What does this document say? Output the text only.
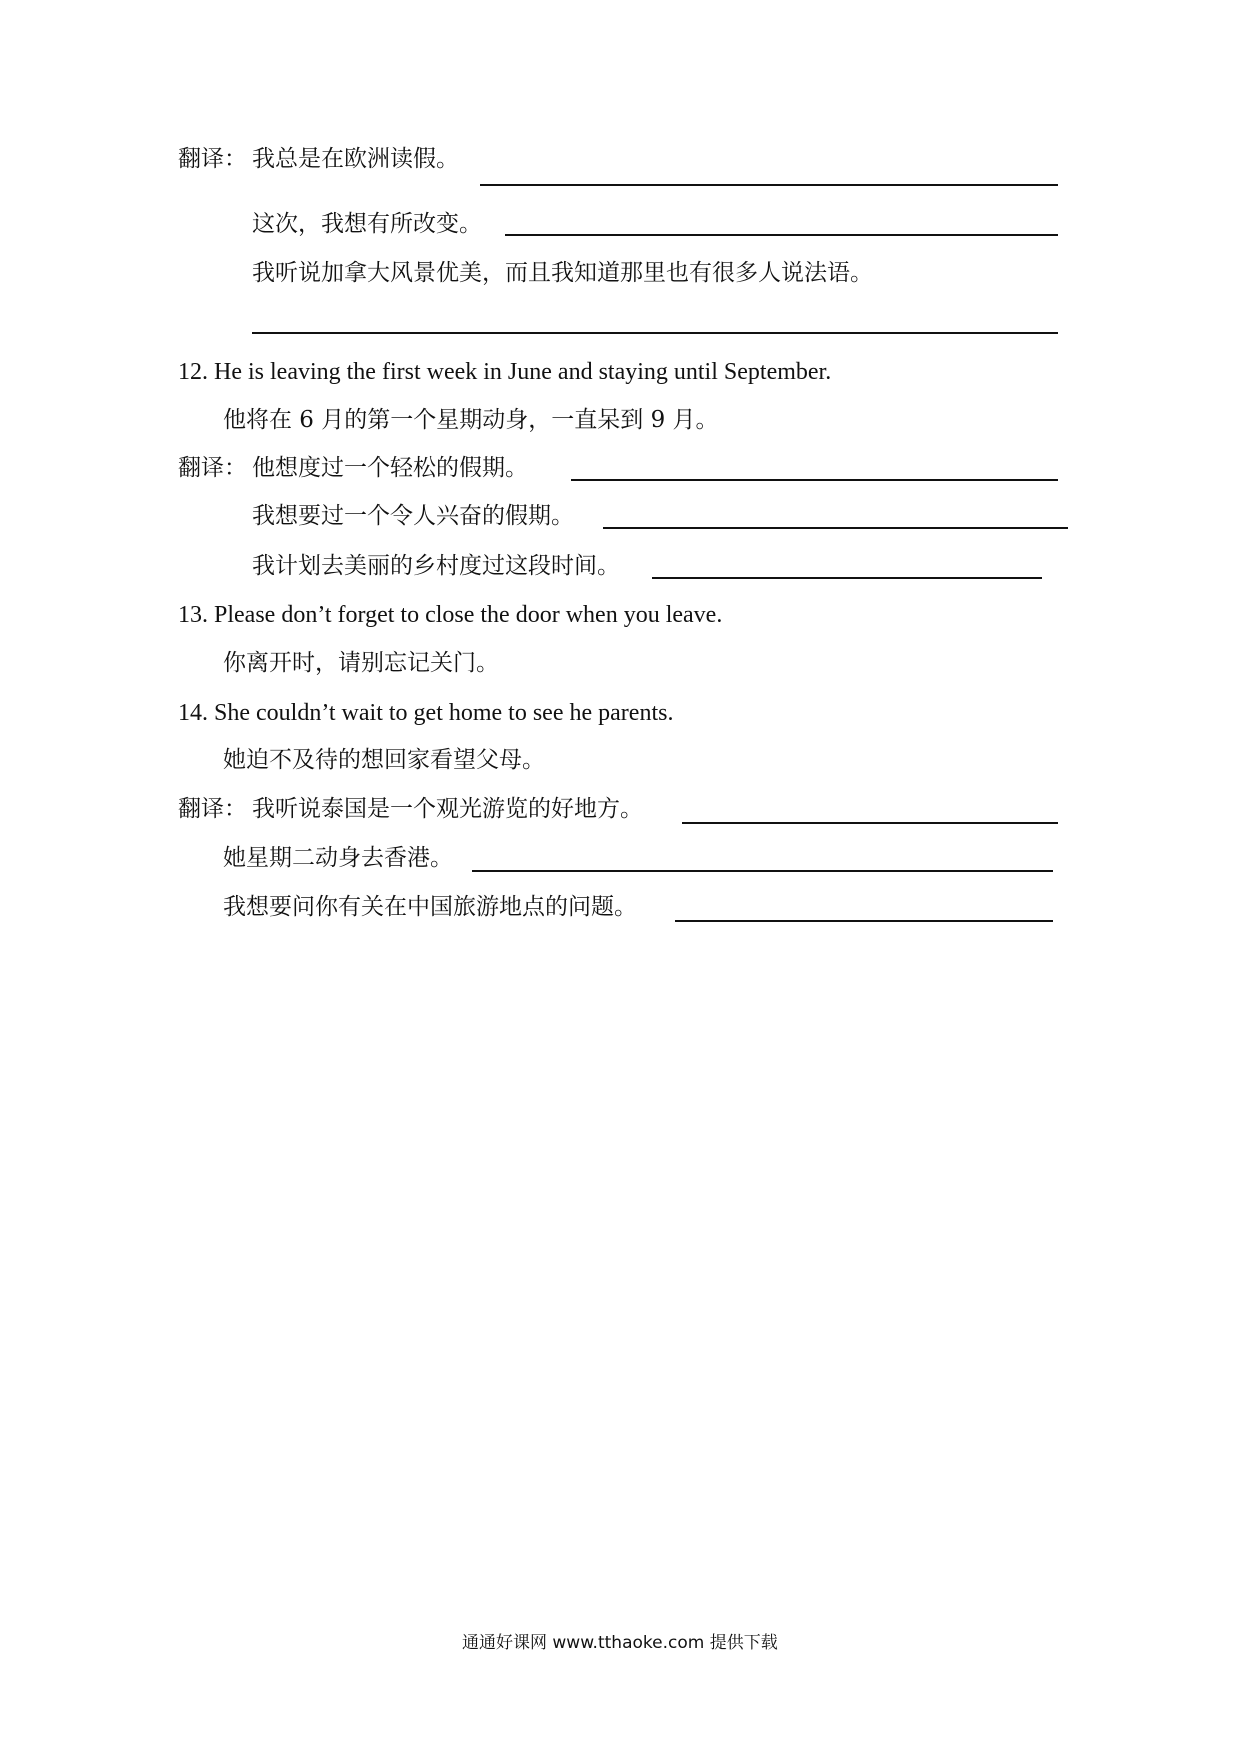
翻译： 我总是在欧洲读假。
这次，我想有所改变。
我听说加拿大风景优美，而且我知道那里也有很多人说法语。
12. He is leaving the first week in June and staying until September.
他将在 6 月的第一个星期动身，一直呆到 9 月。
翻译： 他想度过一个轻松的假期。
我想要过一个令人兴奋的假期。
我计划去美丽的乡村度过这段时间。
13. Please don’t forget to close the door when you leave.
你离开时，请别忘记关门。
14. She couldn’t wait to get home to see he parents.
她迫不及待的想回家看望父母。
翻译： 我听说泰国是一个观光游览的好地方。
她星期二动身去香港。
我想要问你有关在中国旅游地点的问题。
通通好课网 www.tthaoke.com 提供下载
